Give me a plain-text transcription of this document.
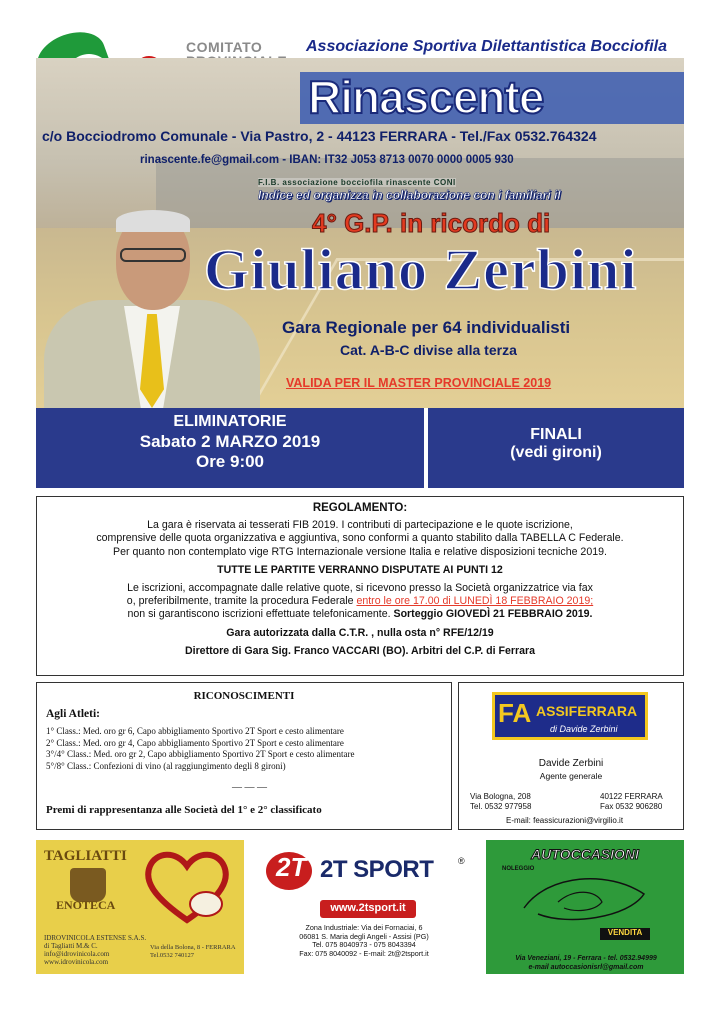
COMITATO	Associazione Sportiva Dilettantistica Bocciofila
Rinascente
c/o Bocciodromo Comunale - Via Pastro, 2 - 44123 FERRARA - Tel./Fax 0532.764324
rinascente.fe@gmail.com - IBAN: IT32 J053 8713 0070 0000 0005 930
F.I.B. associazione bocciofila rinascente CONI
Indice ed organizza in collaborazione con i familiari il
4° G.P. in ricordo di
Giuliano Zerbini
Gara Regionale per 64 individualisti
Cat. A-B-C divise alla terza
VALIDA PER IL MASTER PROVINCIALE 2019
ELIMINATORIE
Sabato 2 MARZO 2019
Ore 9:00
FINALI
(vedi gironi)

REGOLAMENTO:

La gara è riservata ai tesserati FIB 2019. I contributi di partecipazione e le quote iscrizione,

comprensive delle quota organizzativa e aggiuntiva, sono conformi a quanto stabilito dalla TABELLA C Federale.

Per quanto non contemplato vige RTG Internazionale versione Italia e relative disposizioni tecniche 2019.

TUTTE LE PARTITE VERRANNO DISPUTATE AI PUNTI 12

Le iscrizioni, accompagnate dalle relative quote, si ricevono presso la Società organizzatrice via fax

o, preferibilmente, tramite la procedura Federale entro le ore 17.00 di LUNEDÌ 18 FEBBRAIO 2019;

non si garantiscono iscrizioni effettuate telefonicamente. Sorteggio GIOVEDÌ 21 FEBBRAIO 2019.

Gara autorizzata dalla C.T.R. , nulla osta n° RFE/12/19

Direttore di Gara Sig. Franco VACCARI (BO). Arbitri del C.P. di Ferrara

RICONOSCIMENTI
Agli Atleti:
1° Class.: Med. oro gr 6, Capo abbigliamento Sportivo 2T Sport e cesto alimentare
2° Class.: Med. oro gr 4, Capo abbigliamento Sportivo 2T Sport e cesto alimentare
3°/4° Class.: Med. oro gr 2, Capo abbigliamento Sportivo 2T Sport e cesto alimentare
5°/8° Class.: Confezioni di vino (al raggiungimento degli 8 gironi)
— — —
Premi di rappresentanza alle Società del 1° e 2° classificato
FA ASSIFERRARA
di Davide Zerbini
Davide Zerbini
Agente generale
Via Bologna, 208
Tel. 0532 977958
40122 FERRARA
Fax 0532 906280
E-mail: feassicurazioni@virgilio.it
TAGLIATTI
ENOTECA
IDROVINICOLA ESTENSE S.A.S.
di Tagliatti M.& C.
info@idrovinicola.com
www.idrovinicola.com
Via della Bolona, 8 - FERRARA
Tel.0532 740127
2T 2T SPORT	®
www.2tsport.it
Zona Industriale: Via dei Fornaciai, 6
06081 S. Maria degli Angeli - Assisi (PG)
Tel. 075 8040973 - 075 8043394
Fax: 075 8040092 - E-mail: 2t@2tsport.it
AUTOCCASIONI
NOLEGGIO
VENDITA
Via Veneziani, 19 - Ferrara - tel. 0532.94999
e-mail autoccasionisrl@gmail.com
